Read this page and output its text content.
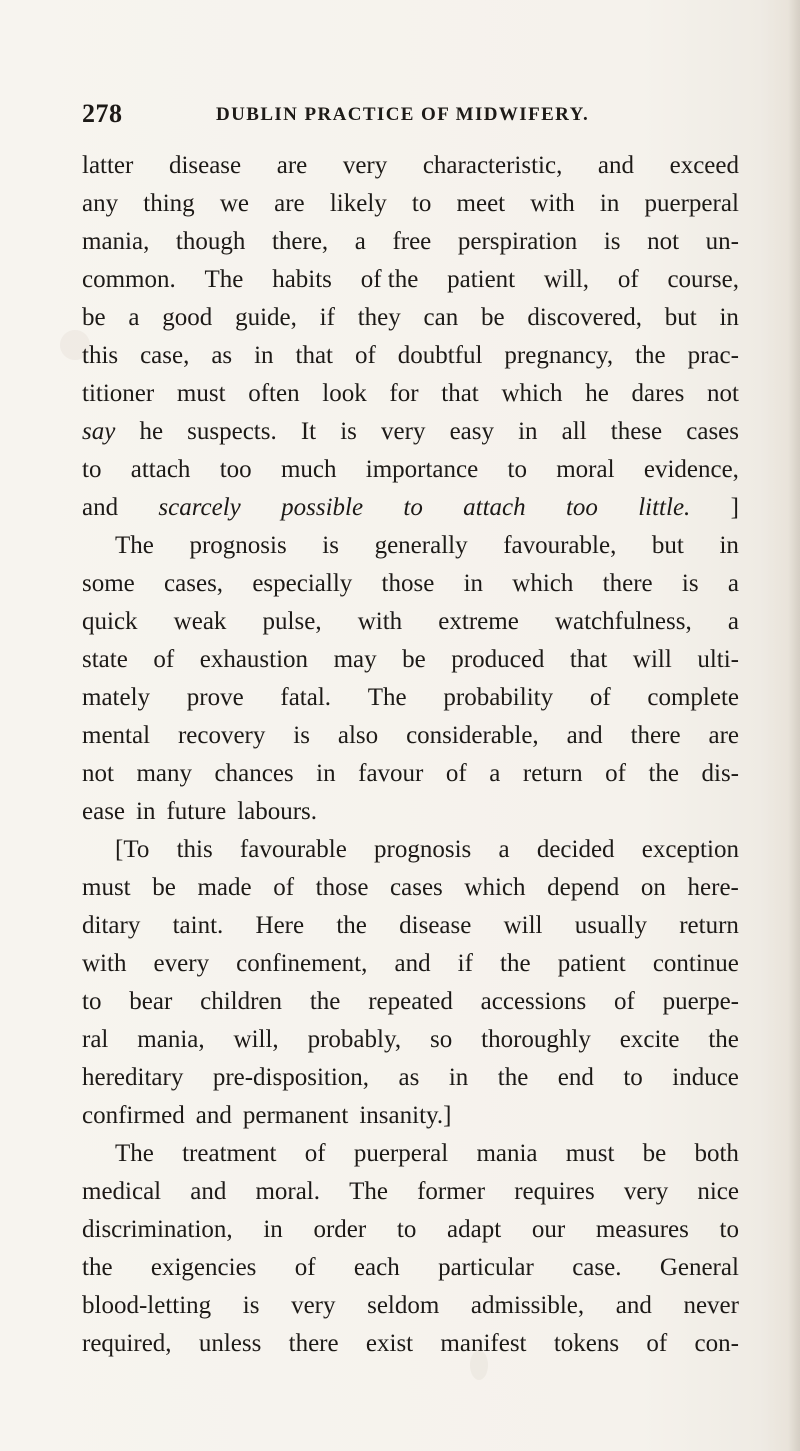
278	DUBLIN PRACTICE OF MIDWIFERY.
latter disease are very characteristic, and exceed
any thing we are likely to meet with in puerperal
mania, though there, a free perspiration is not un-
common. The habits of the patient will, of course,
be a good guide, if they can be discovered, but in
this case, as in that of doubtful pregnancy, the prac-
titioner must often look for that which he dares not
say he suspects. It is very easy in all these cases
to attach too much importance to moral evidence,
and scarcely possible to attach too little. ]
The prognosis is generally favourable, but in
some cases, especially those in which there is a
quick weak pulse, with extreme watchfulness, a
state of exhaustion may be produced that will ulti-
mately prove fatal. The probability of complete
mental recovery is also considerable, and there are
not many chances in favour of a return of the dis-
ease in future labours.
[To this favourable prognosis a decided exception
must be made of those cases which depend on here-
ditary taint. Here the disease will usually return
with every confinement, and if the patient continue
to bear children the repeated accessions of puerpe-
ral mania, will, probably, so thoroughly excite the
hereditary pre-disposition, as in the end to induce
confirmed and permanent insanity.]
The treatment of puerperal mania must be both
medical and moral. The former requires very nice
discrimination, in order to adapt our measures to
the exigencies of each particular case. General
blood-letting is very seldom admissible, and never
required, unless there exist manifest tokens of con-
